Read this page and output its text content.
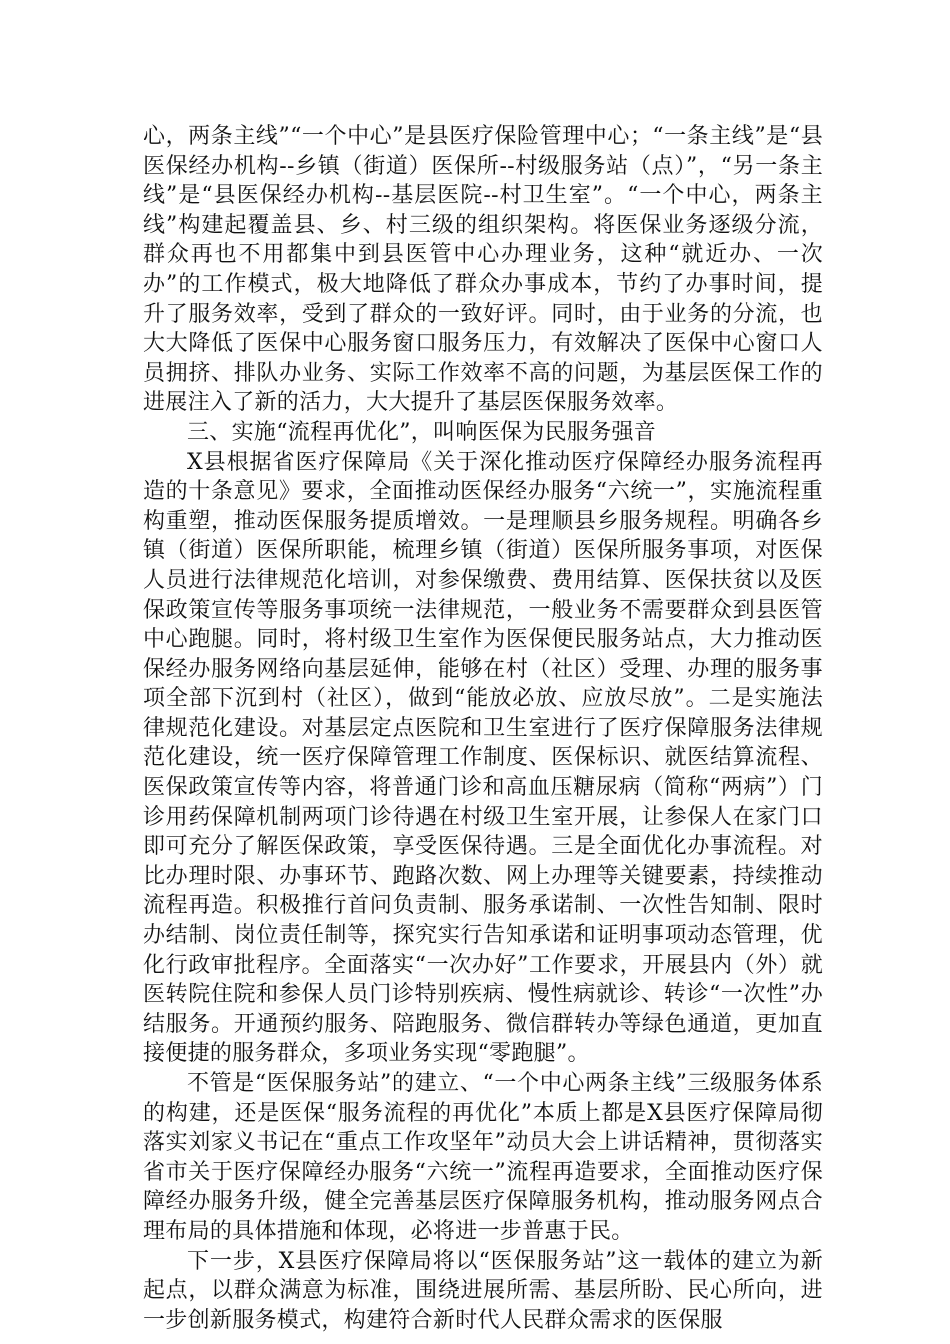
心，两条主线”“一个中心”是县医疗保险管理中心；“一条主线”是“县医保经办机构--乡镇（街道）医保所--村级服务站（点）”，“另一条主线”是“县医保经办机构--基层医院--村卫生室”。“一个中心，两条主线”构建起覆盖县、乡、村三级的组织架构。将医保业务逐级分流，群众再也不用都集中到县医管中心办理业务，这种“就近办、一次办”的工作模式，极大地降低了群众办事成本，节约了办事时间，提升了服务效率，受到了群众的一致好评。同时，由于业务的分流，也大大降低了医保中心服务窗口服务压力，有效解决了医保中心窗口人员拥挤、排队办业务、实际工作效率不高的问题，为基层医保工作的进展注入了新的活力，大大提升了基层医保服务效率。

三、实施“流程再优化”，叫响医保为民服务强音

X县根据省医疗保障局《关于深化推动医疗保障经办服务流程再造的十条意见》要求，全面推动医保经办服务“六统一”，实施流程重构重塑，推动医保服务提质增效。一是理顺县乡服务规程。明确各乡镇（街道）医保所职能，梳理乡镇（街道）医保所服务事项，对医保人员进行法律规范化培训，对参保缴费、费用结算、医保扶贫以及医保政策宣传等服务事项统一法律规范，一般业务不需要群众到县医管中心跑腿。同时，将村级卫生室作为医保便民服务站点，大力推动医保经办服务网络向基层延伸，能够在村（社区）受理、办理的服务事项全部下沉到村（社区），做到“能放必放、应放尽放”。二是实施法律规范化建设。对基层定点医院和卫生室进行了医疗保障服务法律规范化建设，统一医疗保障管理工作制度、医保标识、就医结算流程、医保政策宣传等内容，将普通门诊和高血压糖尿病（简称“两病”）门诊用药保障机制两项门诊待遇在村级卫生室开展，让参保人在家门口即可充分了解医保政策，享受医保待遇。三是全面优化办事流程。对比办理时限、办事环节、跑路次数、网上办理等关键要素，持续推动流程再造。积极推行首问负责制、服务承诺制、一次性告知制、限时办结制、岗位责任制等，探究实行告知承诺和证明事项动态管理，优化行政审批程序。全面落实“一次办好”工作要求，开展县内（外）就医转院住院和参保人员门诊特别疾病、慢性病就诊、转诊“一次性”办结服务。开通预约服务、陪跑服务、微信群转办等绿色通道，更加直接便捷的服务群众，多项业务实现“零跑腿”。

不管是“医保服务站”的建立、“一个中心两条主线”三级服务体系的构建，还是医保“服务流程的再优化”本质上都是X县医疗保障局彻落实刘家义书记在“重点工作攻坚年”动员大会上讲话精神，贯彻落实省市关于医疗保障经办服务“六统一”流程再造要求，全面推动医疗保障经办服务升级，健全完善基层医疗保障服务机构，推动服务网点合理布局的具体措施和体现，必将进一步普惠于民。

下一步，X县医疗保障局将以“医保服务站”这一载体的建立为新起点，以群众满意为标准，围绕进展所需、基层所盼、民心所向，进一步创新服务模式，构建符合新时代人民群众需求的医保服
